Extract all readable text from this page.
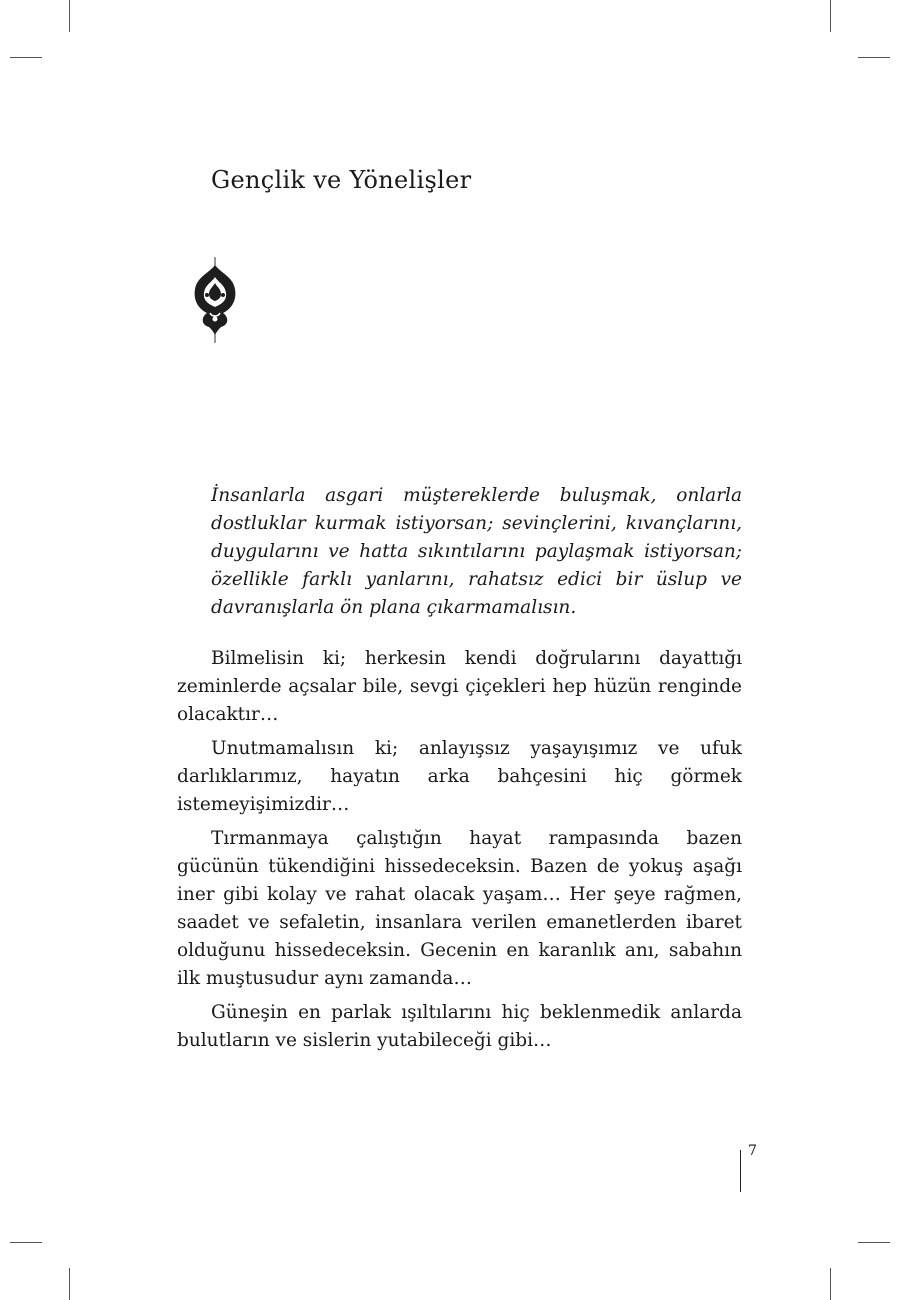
Gençlik ve Yönelişler

İnsanlarla asgari müştereklerde buluşmak, onlarla dostluklar kurmak istiyorsan; sevinçlerini, kıvançlarını, duygularını ve hatta sıkıntılarını paylaşmak istiyorsan; özellikle farklı yanlarını, rahatsız edici bir üslup ve davranışlarla ön plana çıkarmamalısın.

Bilmelisin ki; herkesin kendi doğrularını dayattığı zeminlerde açsalar bile, sevgi çiçekleri hep hüzün renginde olacaktır…

Unutmamalısın ki; anlayışsız yaşayışımız ve ufuk darlıklarımız, hayatın arka bahçesini hiç görmek istemeyişimizdir…

Tırmanmaya çalıştığın hayat rampasında bazen gücünün tükendiğini hissedeceksin. Bazen de yokuş aşağı iner gibi kolay ve rahat olacak yaşam… Her şeye rağmen, saadet ve sefaletin, insanlara verilen emanetlerden ibaret olduğunu hissedeceksin. Gecenin en karanlık anı, sabahın ilk muştusudur aynı zamanda…

Güneşin en parlak ışıltılarını hiç beklenmedik anlarda bulutların ve sislerin yutabileceği gibi…

7
